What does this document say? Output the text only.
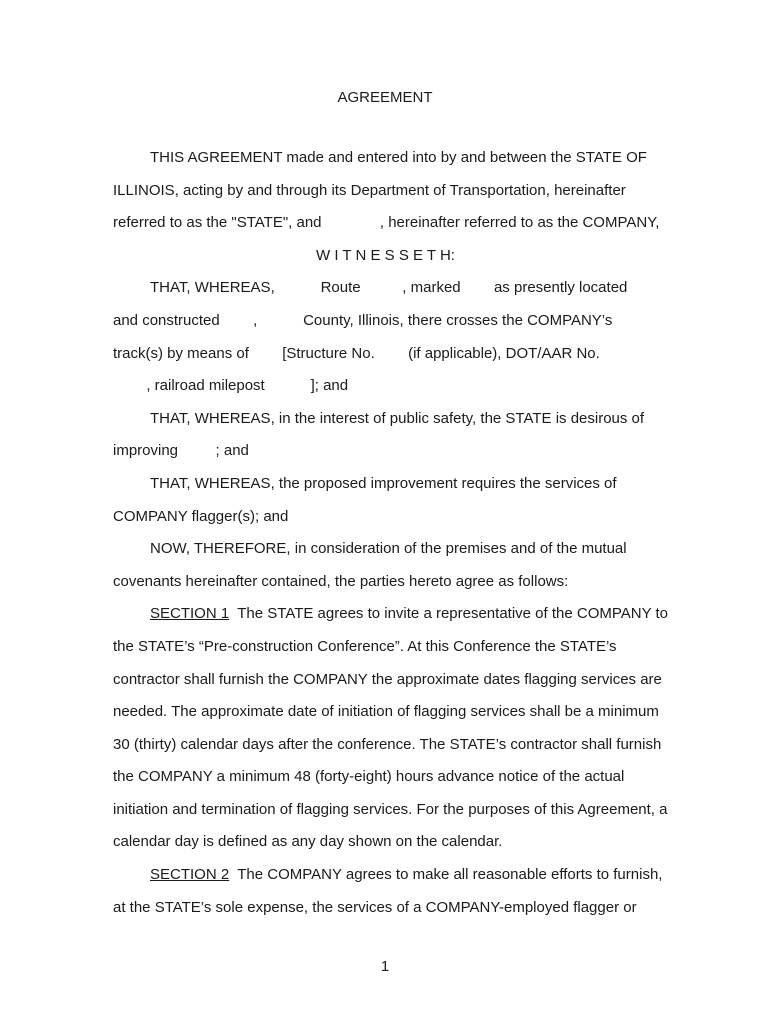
AGREEMENT

THIS AGREEMENT made and entered into by and between the STATE OF

ILLINOIS, acting by and through its Department of Transportation, hereinafter

referred to as the "STATE", and              , hereinafter referred to as the COMPANY,

W I T N E S S E T H:

THAT, WHEREAS,           Route          , marked        as presently located

and constructed        ,           County, Illinois, there crosses the COMPANY’s

track(s) by means of        [Structure No.        (if applicable), DOT/AAR No.

, railroad milepost           ]; and

THAT, WHEREAS, in the interest of public safety, the STATE is desirous of

improving         ; and

THAT, WHEREAS, the proposed improvement requires the services of

COMPANY flagger(s); and

NOW, THEREFORE, in consideration of the premises and of the mutual

covenants hereinafter contained, the parties hereto agree as follows:

SECTION 1  The STATE agrees to invite a representative of the COMPANY to

the STATE’s “Pre-construction Conference”. At this Conference the STATE’s

contractor shall furnish the COMPANY the approximate dates flagging services are

needed. The approximate date of initiation of flagging services shall be a minimum

30 (thirty) calendar days after the conference. The STATE’s contractor shall furnish

the COMPANY a minimum 48 (forty-eight) hours advance notice of the actual

initiation and termination of flagging services. For the purposes of this Agreement, a

calendar day is defined as any day shown on the calendar.

SECTION 2  The COMPANY agrees to make all reasonable efforts to furnish,

at the STATE’s sole expense, the services of a COMPANY-employed flagger or

1
